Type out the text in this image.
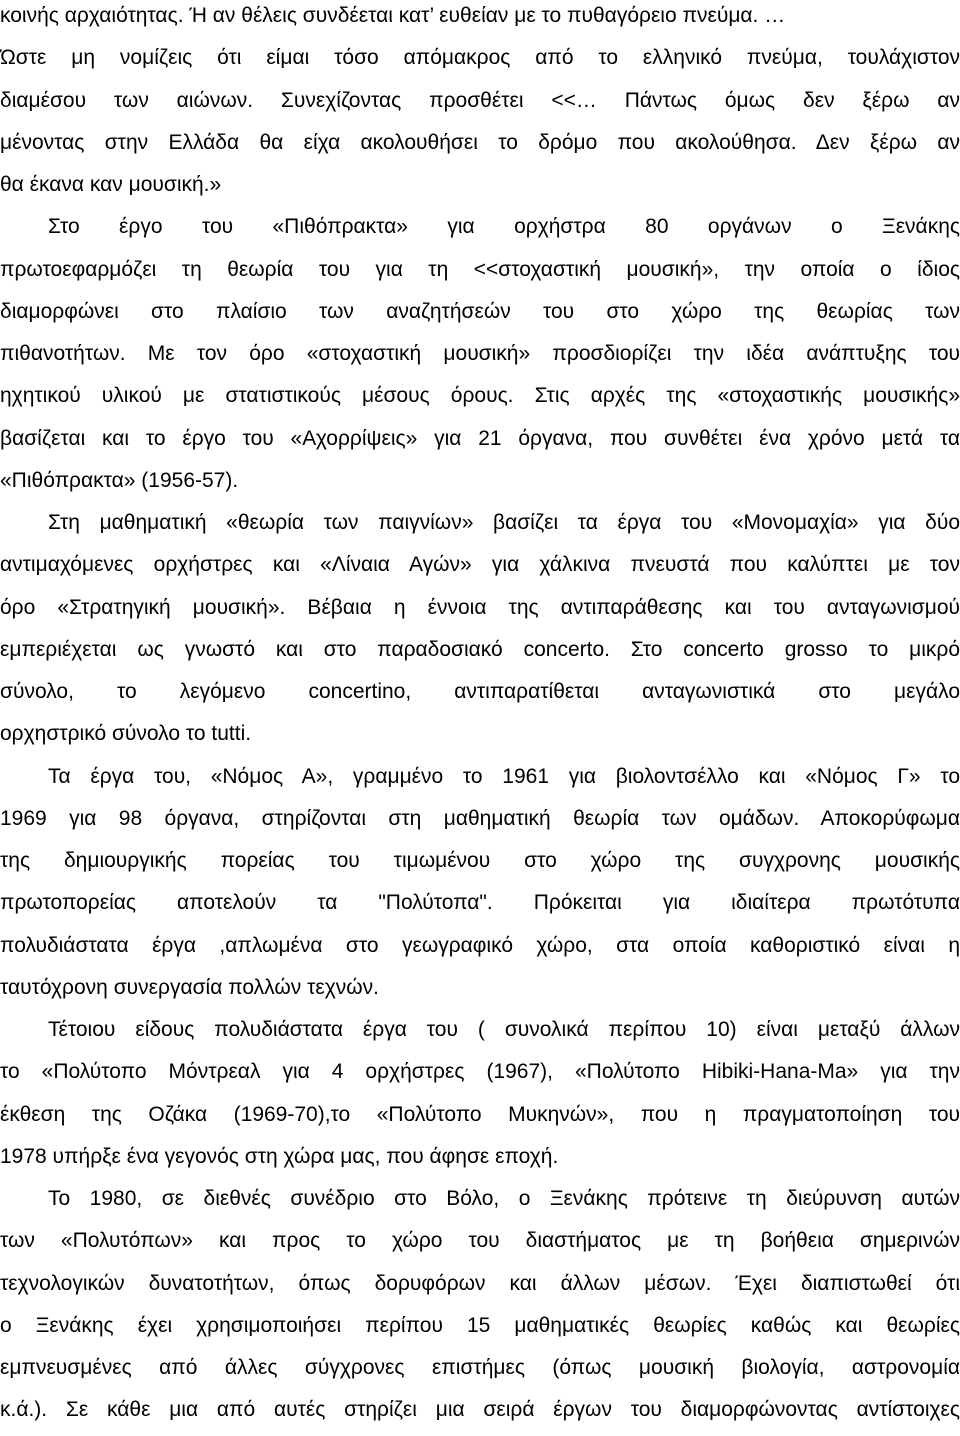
κοινής αρχαιότητας. Ή αν θέλεις συνδέεται κατ’ ευθείαν με το πυθαγόρειο πνεύμα. …
Ώστε μη νομίζεις ότι είμαι τόσο απόμακρος από το ελληνικό πνεύμα, τουλάχιστον
διαμέσου των αιώνων. Συνεχίζοντας προσθέτει <<… Πάντως όμως δεν ξέρω αν
μένοντας στην Ελλάδα θα είχα ακολουθήσει το δρόμο που ακολούθησα. Δεν ξέρω αν
θα έκανα καν μουσική.»
Στο έργο του «Πιθόπρακτα» για ορχήστρα 80 οργάνων ο Ξενάκης
πρωτοεφαρμόζει τη θεωρία του για τη <<στοχαστική μουσική», την οποία ο ίδιος
διαμορφώνει στο πλαίσιο των αναζητήσεών του στο χώρο της θεωρίας των
πιθανοτήτων. Με τον όρο «στοχαστική μουσική» προσδιορίζει την ιδέα ανάπτυξης του
ηχητικού υλικού με στατιστικούς μέσους όρους. Στις αρχές της «στοχαστικής μουσικής»
βασίζεται και το έργο του «Αχορρίψεις» για 21 όργανα, που συνθέτει ένα χρόνο μετά τα
«Πιθόπρακτα» (1956-57).
Στη μαθηματική «θεωρία των παιγνίων» βασίζει τα έργα του «Μονομαχία» για δύο
αντιμαχόμενες ορχήστρες και «Λίναια Αγών» για χάλκινα πνευστά που καλύπτει με τον
όρο «Στρατηγική μουσική». Βέβαια η έννοια της αντιπαράθεσης και του ανταγωνισμού
εμπεριέχεται ως γνωστό και στο παραδοσιακό concerto. Στο concerto grosso το μικρό
σύνολο, το λεγόμενο concertino, αντιπαρατίθεται ανταγωνιστικά στο μεγάλο
ορχηστρικό σύνολο το tutti.
Τα έργα του, «Νόμος Α», γραμμένο το 1961 για βιολοντσέλλο και «Νόμος Γ» το
1969 για 98 όργανα, στηρίζονται στη μαθηματική θεωρία των ομάδων. Αποκορύφωμα
της δημιουργικής πορείας του τιμωμένου στο χώρο της συγχρονης μουσικής
πρωτοπορείας αποτελούν τα "Πολύτοπα". Πρόκειται για ιδιαίτερα πρωτότυπα
πολυδιάστατα έργα ,απλωμένα στο γεωγραφικό χώρο, στα οποία καθοριστικό είναι η
ταυτόχρονη συνεργασία πολλών τεχνών.
Τέτοιου είδους πολυδιάστατα έργα του ( συνολικά περίπου 10) είναι μεταξύ άλλων
το «Πολύτοπο Μόντρεαλ για 4 ορχήστρες (1967), «Πολύτοπο Hibiki-Hana-Ma» για την
έκθεση της Οζάκα (1969-70),το «Πολύτοπο Μυκηνών», που η πραγματοποίηση του
1978 υπήρξε ένα γεγονός στη χώρα μας, που άφησε εποχή.
Το 1980, σε διεθνές συνέδριο στο Βόλο, ο Ξενάκης πρότεινε τη διεύρυνση αυτών
των «Πολυτόπων» και προς το χώρο του διαστήματος με τη βοήθεια σημερινών
τεχνολογικών δυνατοτήτων, όπως δορυφόρων και άλλων μέσων. Έχει διαπιστωθεί ότι
ο Ξενάκης έχει χρησιμοποιήσει περίπου 15 μαθηματικές θεωρίες καθώς και θεωρίες
εμπνευσμένες από άλλες σύγχρονες επιστήμες (όπως μουσική βιολογία, αστρονομία
κ.ά.). Σε κάθε μια από αυτές στηρίζει μια σειρά έργων του διαμορφώνοντας αντίστοιχες
